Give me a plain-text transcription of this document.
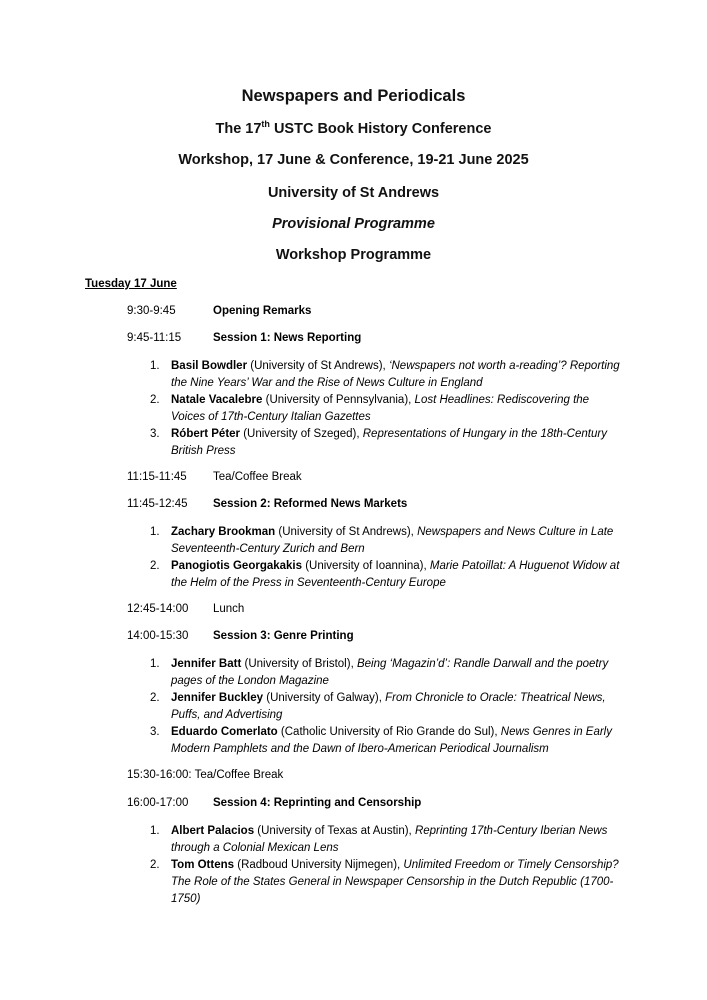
Newspapers and Periodicals
The 17th USTC Book History Conference
Workshop, 17 June & Conference, 19-21 June 2025
University of St Andrews
Provisional Programme
Workshop Programme
Tuesday 17 June
9:30-9:45	Opening Remarks
9:45-11:15	Session 1: News Reporting
1. Basil Bowdler (University of St Andrews), ‘Newspapers not worth a-reading’? Reporting the Nine Years’ War and the Rise of News Culture in England
2. Natale Vacalebre (University of Pennsylvania), Lost Headlines: Rediscovering the Voices of 17th-Century Italian Gazettes
3. Róbert Péter (University of Szeged), Representations of Hungary in the 18th-Century British Press
11:15-11:45 Tea/Coffee Break
11:45-12:45 Session 2: Reformed News Markets
1. Zachary Brookman (University of St Andrews), Newspapers and News Culture in Late Seventeenth-Century Zurich and Bern
2. Panogiotis Georgakakis (University of Ioannina), Marie Patoillat: A Huguenot Widow at the Helm of the Press in Seventeenth-Century Europe
12:45-14:00 Lunch
14:00-15:30 Session 3: Genre Printing
1. Jennifer Batt (University of Bristol), Being ‘Magazin’d’: Randle Darwall and the poetry pages of the London Magazine
2. Jennifer Buckley (University of Galway), From Chronicle to Oracle: Theatrical News, Puffs, and Advertising
3. Eduardo Comerlato (Catholic University of Rio Grande do Sul), News Genres in Early Modern Pamphlets and the Dawn of Ibero-American Periodical Journalism
15:30-16:00: Tea/Coffee Break
16:00-17:00 Session 4: Reprinting and Censorship
1. Albert Palacios (University of Texas at Austin), Reprinting 17th-Century Iberian News through a Colonial Mexican Lens
2. Tom Ottens (Radboud University Nijmegen), Unlimited Freedom or Timely Censorship? The Role of the States General in Newspaper Censorship in the Dutch Republic (1700-1750)
